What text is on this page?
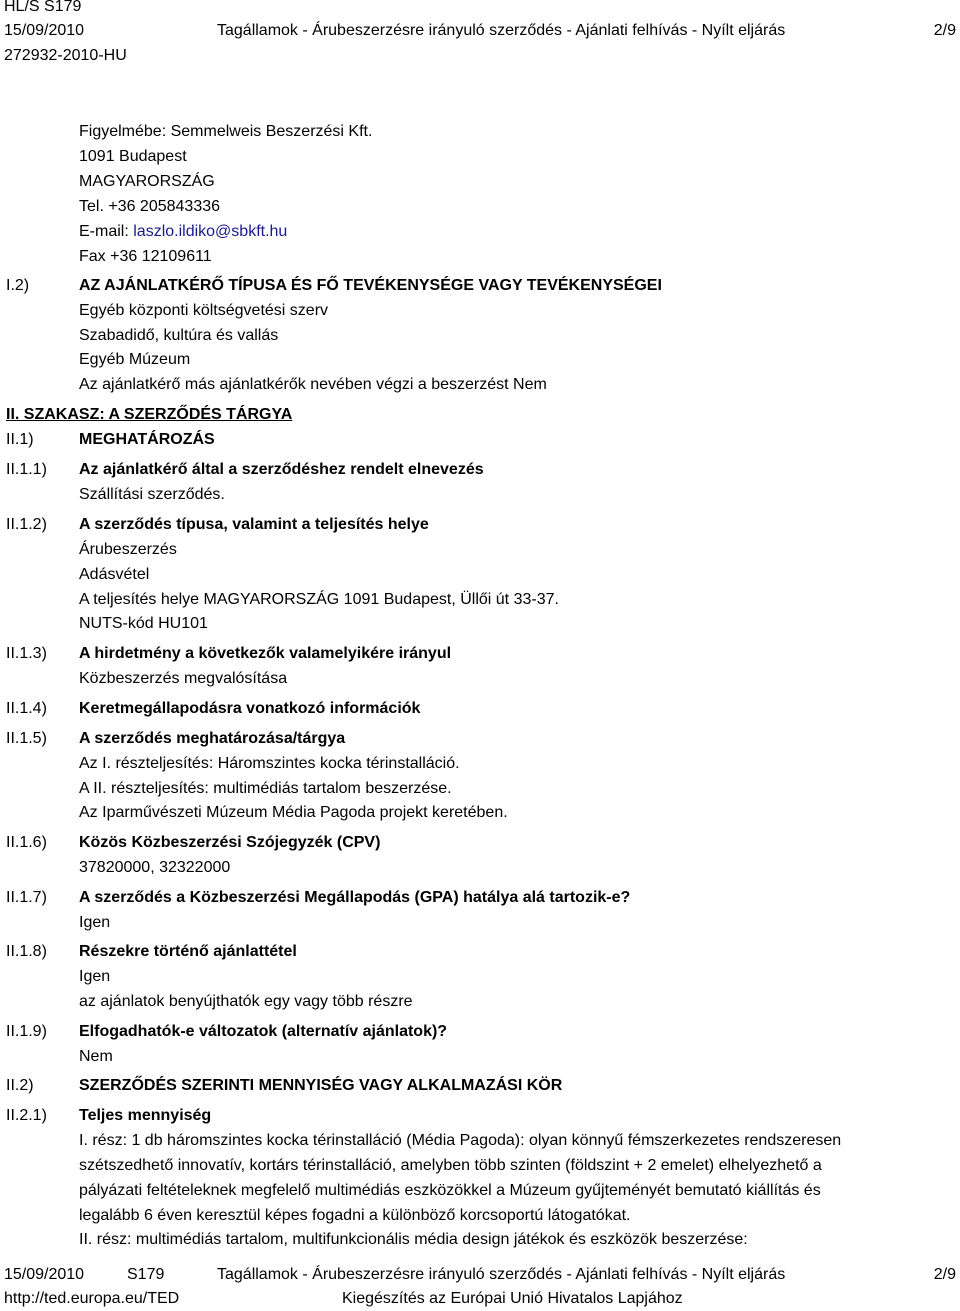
HL/S S179
15/09/2010	Tagállamok - Árubeszerzésre irányuló szerződés - Ajánlati felhívás - Nyílt eljárás	2/9
272932-2010-HU
Figyelmébe: Semmelweis Beszerzési Kft.
1091 Budapest
MAGYARORSZÁG
Tel. +36 205843336
E-mail: laszlo.ildiko@sbkft.hu
Fax +36 12109611
I.2)	AZ AJÁNLATKÉRŐ TÍPUSA ÉS FŐ TEVÉKENYSÉGE VAGY TEVÉKENYSÉGEI
Egyéb központi költségvetési szerv
Szabadidő, kultúra és vallás
Egyéb Múzeum
Az ajánlatkérő más ajánlatkérők nevében végzi a beszerzést Nem
II. SZAKASZ: A SZERZŐDÉS TÁRGYA
II.1)	MEGHATÁROZÁS
II.1.1) Az ajánlatkérő által a szerződéshez rendelt elnevezés
Szállítási szerződés.
II.1.2) A szerződés típusa, valamint a teljesítés helye
Árubeszerzés
Adásvétel
A teljesítés helye MAGYARORSZÁG 1091 Budapest, Üllői út 33-37.
NUTS-kód HU101
II.1.3) A hirdetmény a következők valamelyikére irányul
Közbeszerzés megvalósítása
II.1.4) Keretmegállapodásra vonatkozó információk
II.1.5) A szerződés meghatározása/tárgya
Az I. részteljesítés: Háromszintes kocka térinstalláció.
A II. részteljesítés: multimédiás tartalom beszerzése.
Az Iparművészeti Múzeum Média Pagoda projekt keretében.
II.1.6) Közös Közbeszerzési Szójegyzék (CPV)
37820000, 32322000
II.1.7) A szerződés a Közbeszerzési Megállapodás (GPA) hatálya alá tartozik-e?
Igen
II.1.8) Részekre történő ajánlattétel
Igen
az ajánlatok benyújthatók egy vagy több részre
II.1.9) Elfogadhatók-e változatok (alternatív ajánlatok)?
Nem
II.2)	SZERZŐDÉS SZERINTI MENNYISÉG VAGY ALKALMAZÁSI KÖR
II.2.1) Teljes mennyiség
I. rész: 1 db háromszintes kocka térinstalláció (Média Pagoda): olyan könnyű fémszerkezetes rendszeresen
szétszedhető innovatív, kortárs térinstalláció, amelyben több szinten (földszint + 2 emelet) elhelyezhető a
pályázati feltételeknek megfelelő multimédiás eszközökkel a Múzeum gyűjteményét bemutató kiállítás és
legalább 6 éven keresztül képes fogadni a különböző korcsoportú látogatókat.
II. rész: multimédiás tartalom, multifunkcionális média design játékok és eszközök beszerzése:
15/09/2010	S179	Tagállamok - Árubeszerzésre irányuló szerződés - Ajánlati felhívás - Nyílt eljárás	2/9
http://ted.europa.eu/TED	Kiegészítés az Európai Unió Hivatalos Lapjához
